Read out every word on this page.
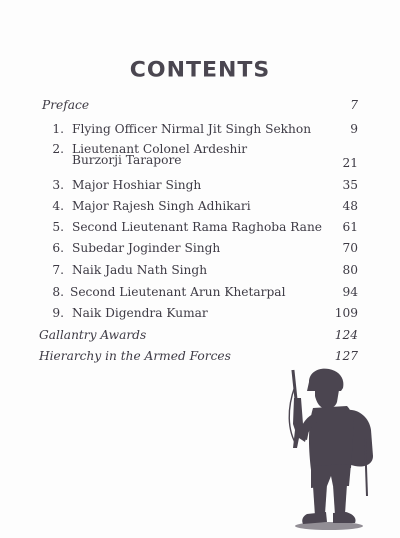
CONTENTS
Preface	7
1. Flying Officer Nirmal Jit Singh Sekhon	9
2. Lieutenant Colonel Ardeshir
Burzorji Tarapore	21
3. Major Hoshiar Singh	35
4. Major Rajesh Singh Adhikari	48
5. Second Lieutenant Rama Raghoba Rane 61
6. Subedar Joginder Singh	70
7. Naik Jadu Nath Singh	80
8. Second Lieutenant Arun Khetarpal	94
9. Naik Digendra Kumar	109
Gallantry Awards	124
Hierarchy in the Armed Forces	127
